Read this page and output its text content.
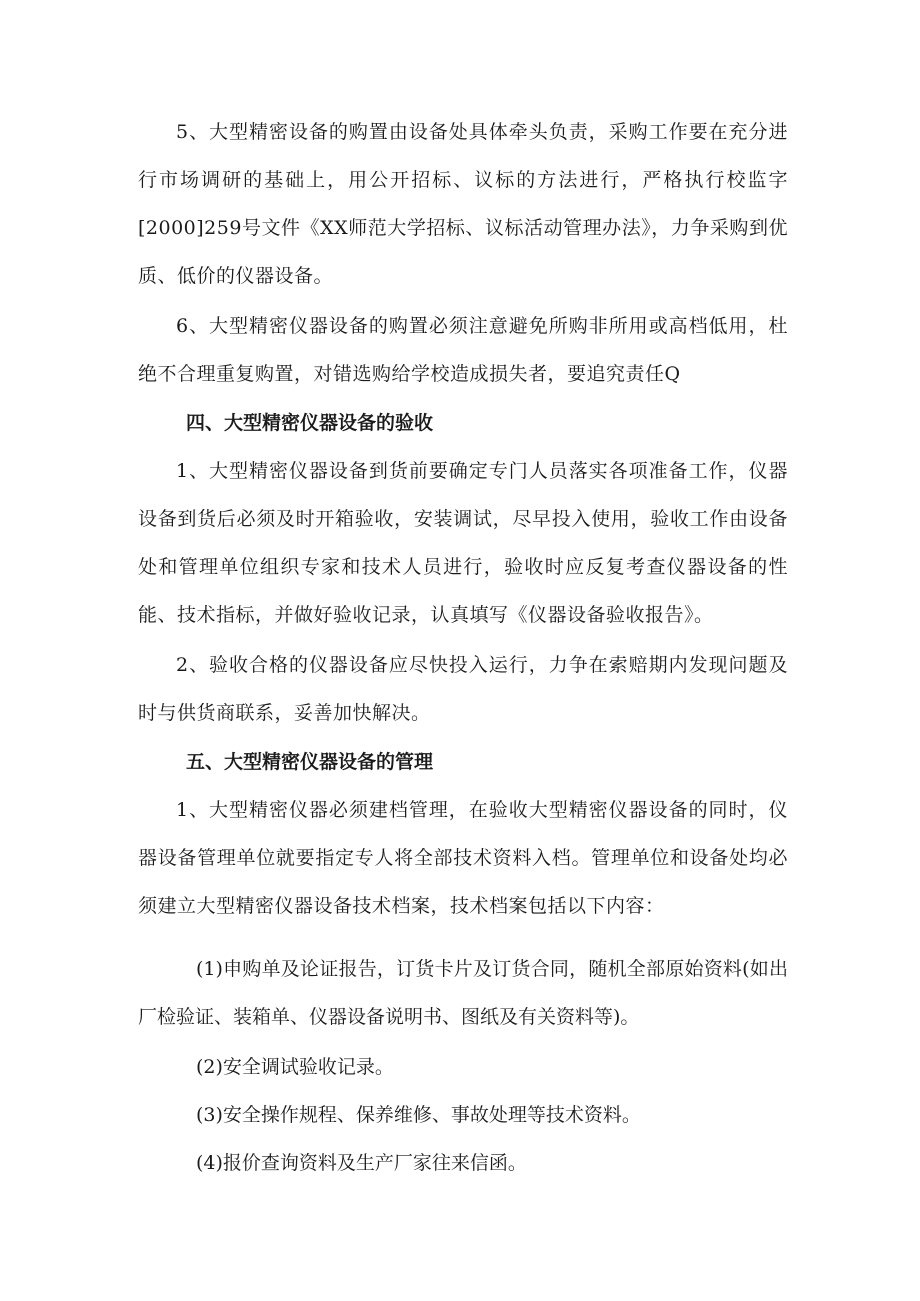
5、大型精密设备的购置由设备处具体牵头负责，采购工作要在充分进行市场调研的基础上，用公开招标、议标的方法进行，严格执行校监字[2000]259号文件《XX师范大学招标、议标活动管理办法》，力争采购到优质、低价的仪器设备。

6、大型精密仪器设备的购置必须注意避免所购非所用或高档低用，杜绝不合理重复购置，对错选购给学校造成损失者，要追究责任Q

四、大型精密仪器设备的验收

1、大型精密仪器设备到货前要确定专门人员落实各项准备工作，仪器设备到货后必须及时开箱验收，安装调试，尽早投入使用，验收工作由设备处和管理单位组织专家和技术人员进行，验收时应反复考查仪器设备的性能、技术指标，并做好验收记录，认真填写《仪器设备验收报告》。

2、验收合格的仪器设备应尽快投入运行，力争在索赔期内发现问题及时与供货商联系，妥善加快解决。

五、大型精密仪器设备的管理

1、大型精密仪器必须建档管理，在验收大型精密仪器设备的同时，仪器设备管理单位就要指定专人将全部技术资料入档。管理单位和设备处均必须建立大型精密仪器设备技术档案，技术档案包括以下内容：

(1)申购单及论证报告，订货卡片及订货合同，随机全部原始资料(如出厂检验证、装箱单、仪器设备说明书、图纸及有关资料等)。

(2)安全调试验收记录。

(3)安全操作规程、保养维修、事故处理等技术资料。

(4)报价查询资料及生产厂家往来信函。
